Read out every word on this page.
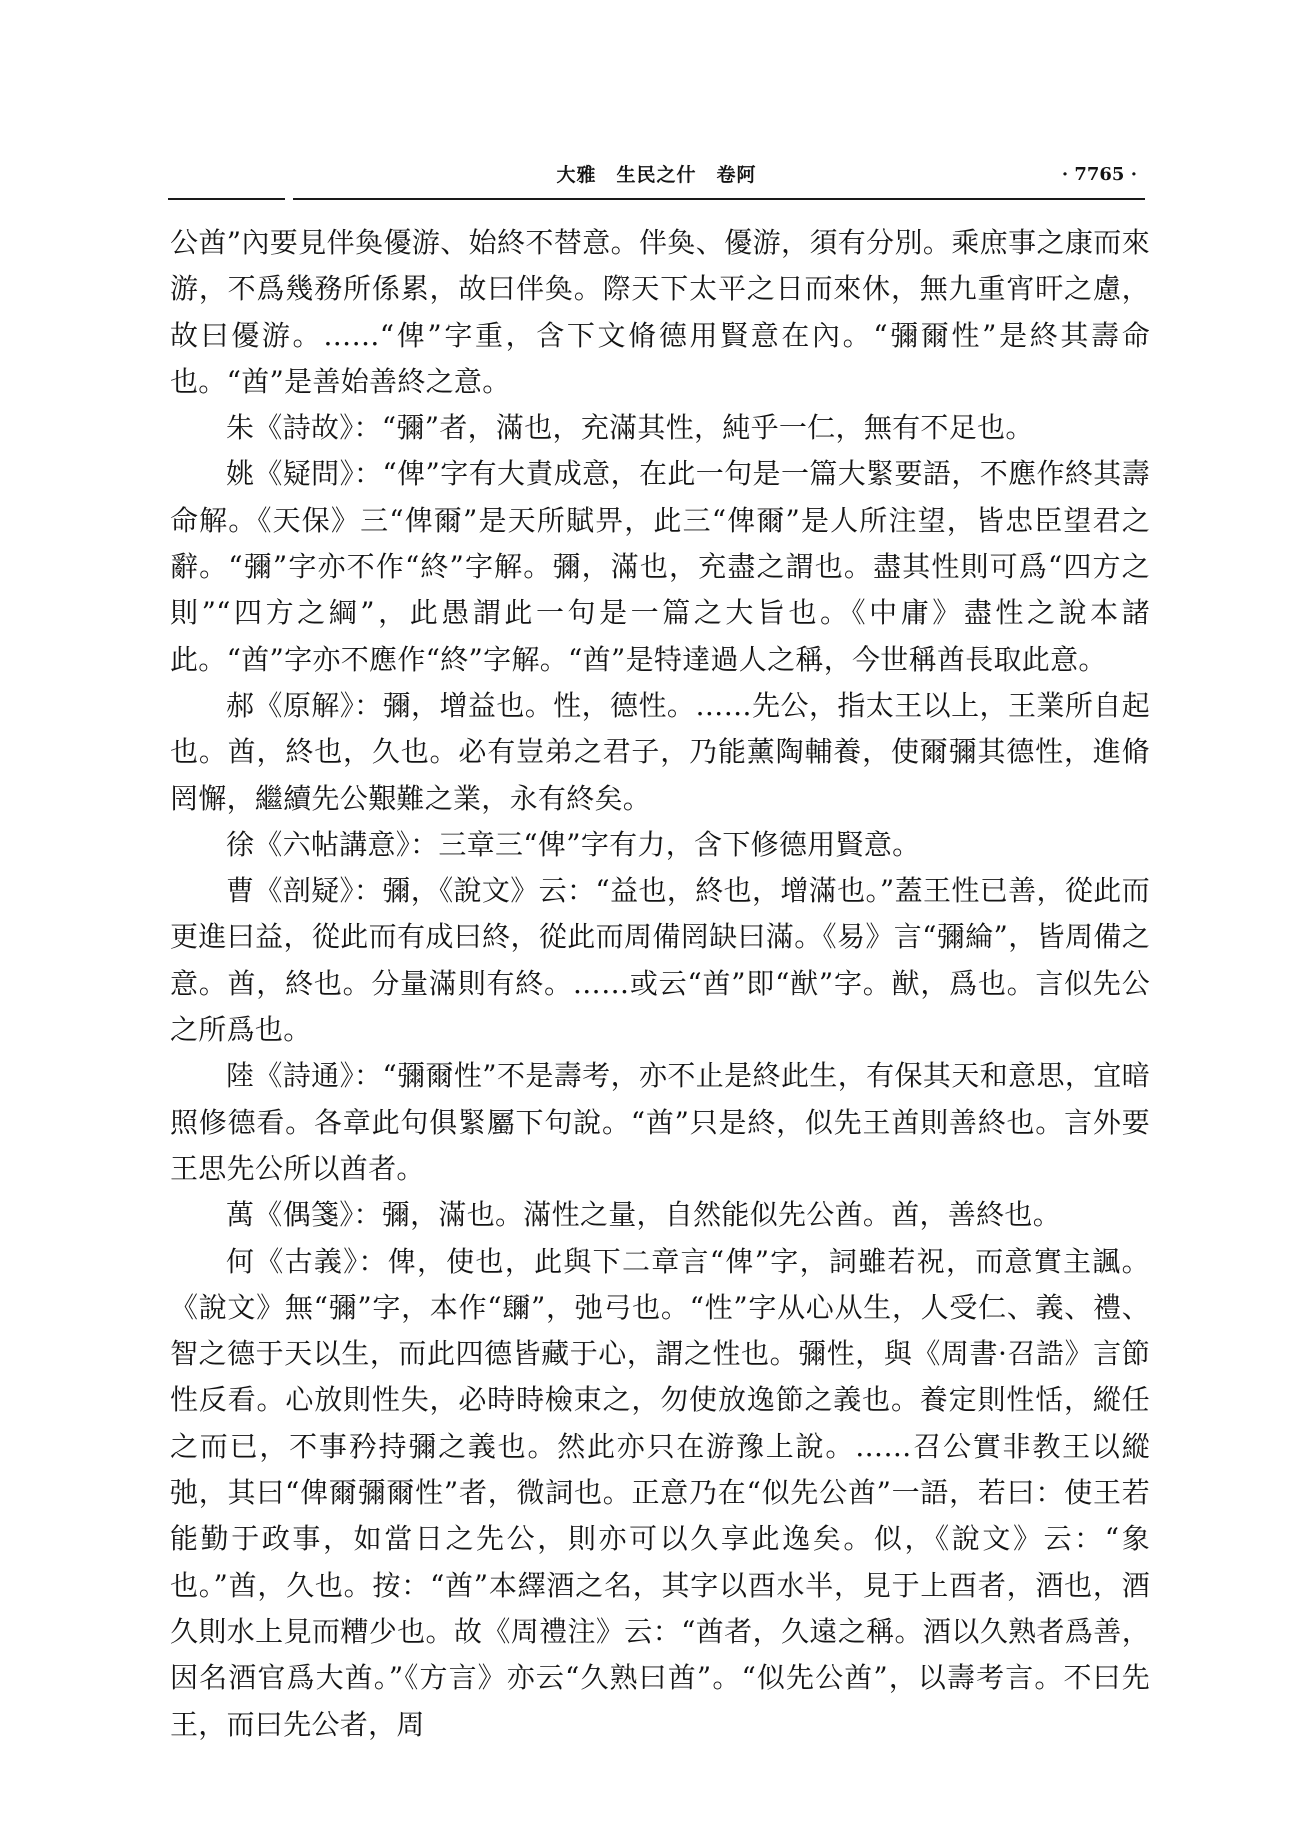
大雅　生民之什　卷阿	· 7765 ·

公酋”內要見伴奐優游、始終不替意。伴奐、優游，須有分別。乘庶事之康而來游，不爲幾務所係累，故曰伴奐。際天下太平之日而來休，無九重宵旰之慮，故曰優游。……“俾”字重，含下文脩德用賢意在內。“彌爾性”是終其壽命也。“酋”是善始善終之意。

朱《詩故》：“彌”者，滿也，充滿其性，純乎一仁，無有不足也。

姚《疑問》：“俾”字有大責成意，在此一句是一篇大緊要語，不應作終其壽命解。《天保》三“俾爾”是天所賦畀，此三“俾爾”是人所注望，皆忠臣望君之辭。“彌”字亦不作“終”字解。彌，滿也，充盡之謂也。盡其性則可爲“四方之則”“四方之綱”，此愚謂此一句是一篇之大旨也。《中庸》盡性之說本諸此。“酋”字亦不應作“終”字解。“酋”是特達過人之稱，今世稱酋長取此意。

郝《原解》：彌，增益也。性，德性。……先公，指太王以上，王業所自起也。酋，終也，久也。必有豈弟之君子，乃能薰陶輔養，使爾彌其德性，進脩罔懈，繼續先公艱難之業，永有終矣。

徐《六帖講意》：三章三“俾”字有力，含下修德用賢意。

曹《剖疑》：彌，《說文》云：“益也，終也，增滿也。”蓋王性已善，從此而更進曰益，從此而有成曰終，從此而周備罔缺曰滿。《易》言“彌綸”，皆周備之意。酋，終也。分量滿則有終。……或云“酋”即“猷”字。猷，爲也。言似先公之所爲也。

陸《詩通》：“彌爾性”不是壽考，亦不止是終此生，有保其天和意思，宜暗照修德看。各章此句俱緊屬下句說。“酋”只是終，似先王酋則善終也。言外要王思先公所以酋者。

萬《偶箋》：彌，滿也。滿性之量，自然能似先公酋。酋，善終也。

何《古義》：俾，使也，此與下二章言“俾”字，詞雖若祝，而意實主諷。《說文》無“彌”字，本作“镾”，弛弓也。“性”字从心从生，人受仁、義、禮、智之德于天以生，而此四德皆藏于心，謂之性也。彌性，與《周書·召誥》言節性反看。心放則性失，必時時檢束之，勿使放逸節之義也。養定則性恬，縱任之而已，不事矜持彌之義也。然此亦只在游豫上說。……召公實非教王以縱弛，其曰“俾爾彌爾性”者，微詞也。正意乃在“似先公酋”一語，若曰：使王若能勤于政事，如當日之先公，則亦可以久享此逸矣。似，《說文》云：“象也。”酋，久也。按：“酋”本繹酒之名，其字以酉水半，見于上酉者，酒也，酒久則水上見而糟少也。故《周禮注》云：“酋者，久遠之稱。酒以久熟者爲善，因名酒官爲大酋。”《方言》亦云“久熟曰酋”。“似先公酋”，以壽考言。不曰先王，而曰先公者，周
